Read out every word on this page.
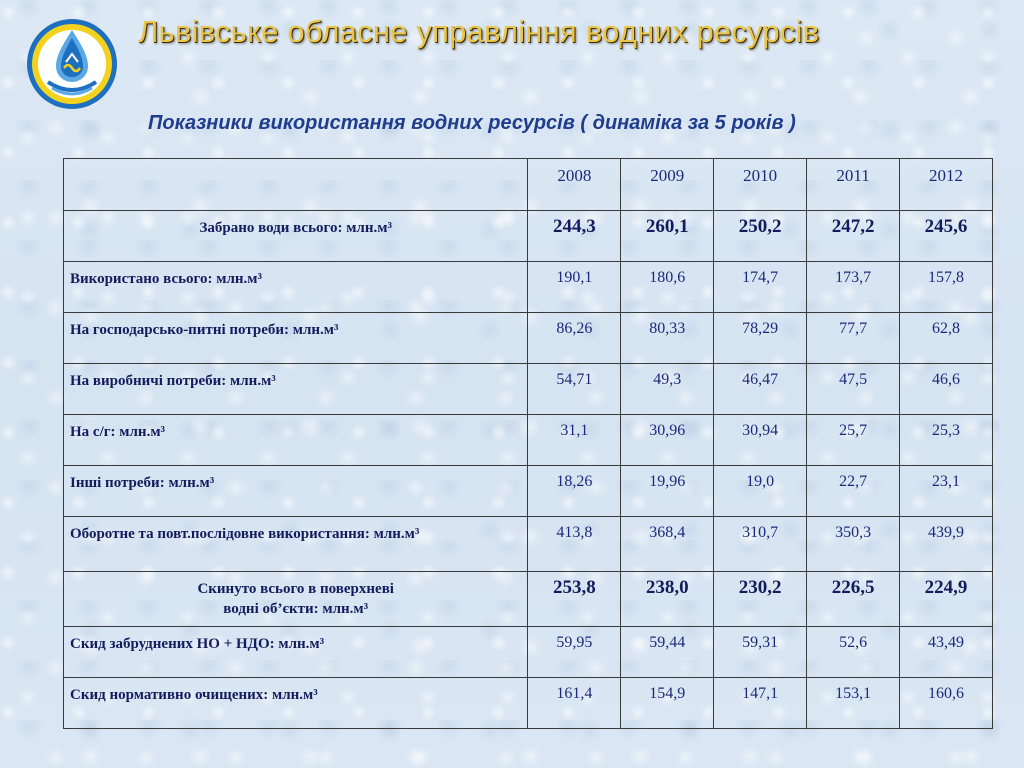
Львівське обласне управління водних ресурсів
Показники використання водних ресурсів ( динаміка за 5 років )
	2008	2009	2010	2011	2012
Забрано води всього: млн.м³	244,3	260,1	250,2	247,2	245,6
Використано всього: млн.м³	190,1	180,6	174,7	173,7	157,8
На господарсько-питні потреби: млн.м³	86,26	80,33	78,29	77,7	62,8
На виробничі потреби: млн.м³	54,71	49,3	46,47	47,5	46,6
На с/г: млн.м³	31,1	30,96	30,94	25,7	25,3
Інші потреби: млн.м³	18,26	19,96	19,0	22,7	23,1
Оборотне та повт.послідовне використання: млн.м³	413,8	368,4	310,7	350,3	439,9

Скинуто всього в поверхневі
водні об’єкти: млн.м³	253,8	238,0	230,2	226,5	224,9
Скид забруднених НО + НДО: млн.м³	59,95	59,44	59,31	52,6	43,49
Скид нормативно очищених: млн.м³	161,4	154,9	147,1	153,1	160,6
